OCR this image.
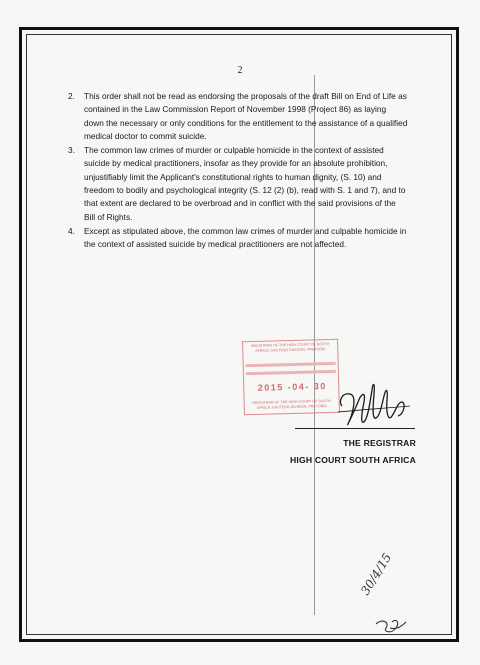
2
2. This order shall not be read as endorsing the proposals of the draft Bill on End of Life as contained in the Law Commission Report of November 1998 (Project 86) as laying down the necessary or only conditions for the entitlement to the assistance of a qualified medical doctor to commit suicide.
3. The common law crimes of murder or culpable homicide in the context of assisted suicide by medical practitioners, insofar as they provide for an absolute prohibition, unjustifiably limit the Applicant's constitutional rights to human dignity, (S. 10) and freedom to bodily and psychological integrity (S. 12 (2) (b), read with S. 1 and 7), and to that extent are declared to be overbroad and in conflict with the said provisions of the Bill of Rights.
4. Except as stipulated above, the common law crimes of murder and culpable homicide in the context of assisted suicide by medical practitioners are not affected.
REGISTRAR OF THE HIGH COURT OF SOUTH AFRICA, GAUTENG DIVISION, PRETORIA
2015 -04- 30
REGISTRAR OF THE HIGH COURT OF SOUTH AFRICA, GAUTENG DIVISION, PRETORIA
THE REGISTRAR
HIGH COURT SOUTH AFRICA
30/4/15
